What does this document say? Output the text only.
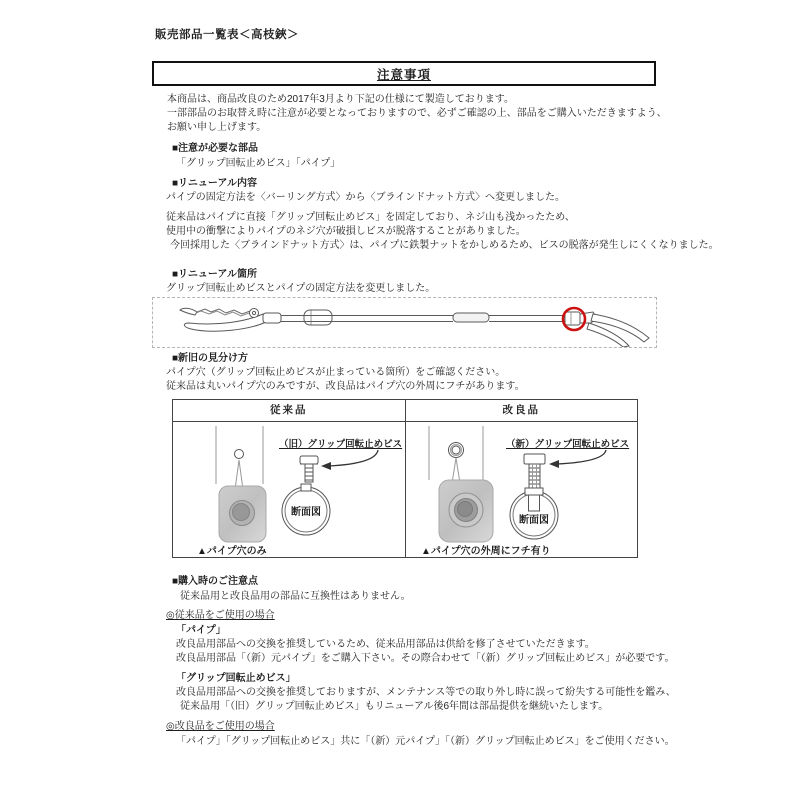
販売部品一覧表＜高枝鋏＞
注意事項
本商品は、商品改良のため2017年3月より下記の仕様にて製造しております。
一部部品のお取替え時に注意が必要となっておりますので、必ずご確認の上、部品をご購入いただきますよう、
お願い申し上げます。
■注意が必要な部品
「グリップ回転止めビス」「パイプ」
■リニューアル内容
パイプの固定方法を〈バーリング方式〉から〈ブラインドナット方式〉へ変更しました。
従来品はパイプに直接「グリップ回転止めビス」を固定しており、ネジ山も浅かったため、
使用中の衝撃によりパイプのネジ穴が破損しビスが脱落することがありました。
今回採用した〈ブラインドナット方式〉は、パイプに鉄製ナットをかしめるため、ビスの脱落が発生しにくくなりました。
■リニューアル箇所
グリップ回転止めビスとパイプの固定方法を変更しました。
■新旧の見分け方
パイプ穴（グリップ回転止めビスが止まっている箇所）をご確認ください。
従来品は丸いパイプ穴のみですが、改良品はパイプ穴の外周にフチがあります。
従来品	改良品
断面図
（旧）グリップ回転止めビス
▲パイプ穴のみ
断面図
（新）グリップ回転止めビス
▲パイプ穴の外周にフチ有り
■購入時のご注意点
従来品用と改良品用の部品に互換性はありません。
◎従来品をご使用の場合
「パイプ」
改良品用部品への交換を推奨しているため、従来品用部品は供給を修了させていただきます。
改良品用部品「（新）元パイプ」をご購入下さい。その際合わせて「（新）グリップ回転止めビス」が必要です。
「グリップ回転止めビス」
改良品用部品への交換を推奨しておりますが、メンテナンス等での取り外し時に誤って紛失する可能性を鑑み、
従来品用「（旧）グリップ回転止めビス」もリニューアル後6年間は部品提供を継続いたします。
◎改良品をご使用の場合
「パイプ」「グリップ回転止めビス」共に「（新）元パイプ」「（新）グリップ回転止めビス」をご使用ください。
